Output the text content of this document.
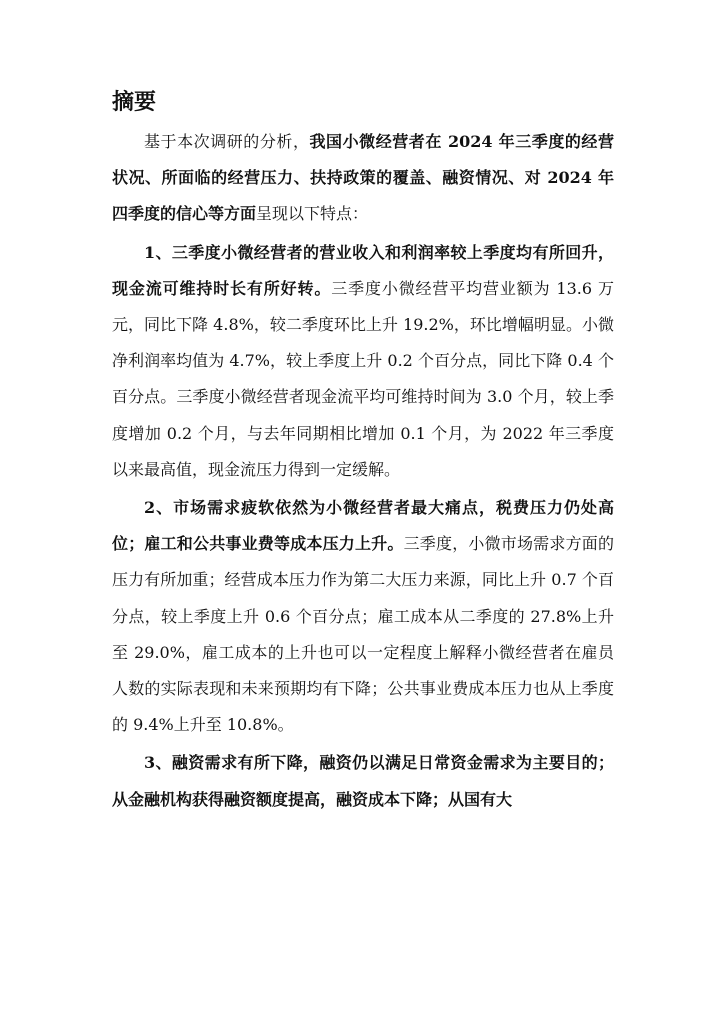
摘要

基于本次调研的分析，我国小微经营者在 2024 年三季度的经营状况、所面临的经营压力、扶持政策的覆盖、融资情况、对 2024 年四季度的信心等方面呈现以下特点：

1、三季度小微经营者的营业收入和利润率较上季度均有所回升，现金流可维持时长有所好转。三季度小微经营平均营业额为 13.6 万元，同比下降 4.8%，较二季度环比上升 19.2%，环比增幅明显。小微净利润率均值为 4.7%，较上季度上升 0.2 个百分点，同比下降 0.4 个百分点。三季度小微经营者现金流平均可维持时间为 3.0 个月，较上季度增加 0.2 个月，与去年同期相比增加 0.1 个月，为 2022 年三季度以来最高值，现金流压力得到一定缓解。

2、市场需求疲软依然为小微经营者最大痛点，税费压力仍处高位；雇工和公共事业费等成本压力上升。三季度，小微市场需求方面的压力有所加重；经营成本压力作为第二大压力来源，同比上升 0.7 个百分点，较上季度上升 0.6 个百分点；雇工成本从二季度的 27.8%上升至 29.0%，雇工成本的上升也可以一定程度上解释小微经营者在雇员人数的实际表现和未来预期均有下降；公共事业费成本压力也从上季度的 9.4%上升至 10.8%。

3、融资需求有所下降，融资仍以满足日常资金需求为主要目的；从金融机构获得融资额度提高，融资成本下降；从国有大
